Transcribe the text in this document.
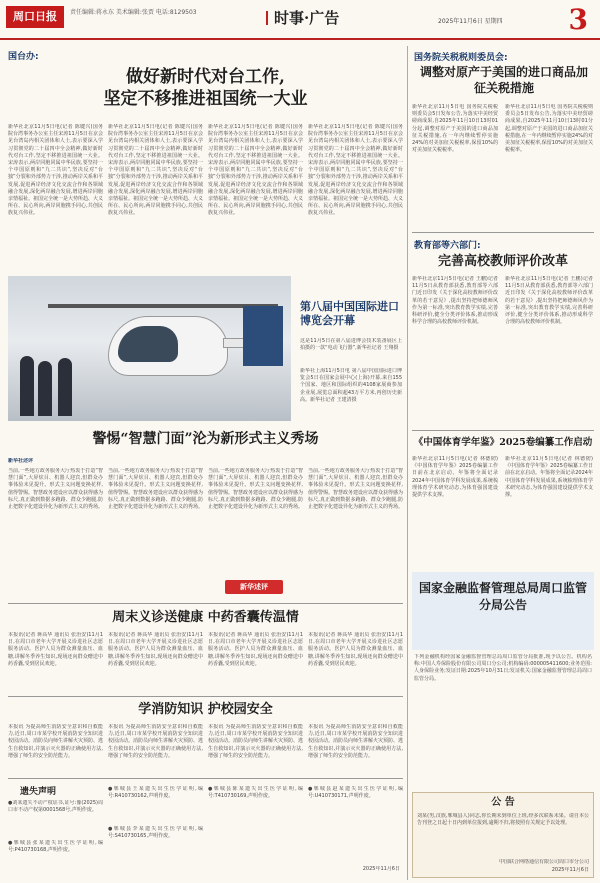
周口日报	责任编辑:蒋永东 美术编辑:张贾 电话:8129503	时事·广告	2025年11月6日 星期四 3
国台办:
做好新时代对台工作,
坚定不移推进祖国统一大业
新华社北京11月5日电(记者 陈键兴)国务院台湾事务办公室主任宋涛11月5日在京会见台湾岛内相关团体和人士,表示要深入学习贯彻党的二十届四中全会精神,做好新时代对台工作,坚定不移推进祖国统一大业。宋涛表示,两岸同胞同属中华民族,要坚持一个中国原则和“九二共识”,坚决反对“台独”分裂和外部势力干涉,推动两岸关系和平发展,促进两岸经济文化交流合作和各领域融合发展,深化两岸融合发展,增进两岸同胞亲情福祉。祖国完全统一是大势所趋、大义所在、民心所向,两岸同胞携手同心,共创民族复兴伟业。
新华社北京11月5日电(记者 陈键兴)国务院台湾事务办公室主任宋涛11月5日在京会见台湾岛内相关团体和人士,表示要深入学习贯彻党的二十届四中全会精神,做好新时代对台工作,坚定不移推进祖国统一大业。宋涛表示,两岸同胞同属中华民族,要坚持一个中国原则和“九二共识”,坚决反对“台独”分裂和外部势力干涉,推动两岸关系和平发展,促进两岸经济文化交流合作和各领域融合发展,深化两岸融合发展,增进两岸同胞亲情福祉。祖国完全统一是大势所趋、大义所在、民心所向,两岸同胞携手同心,共创民族复兴伟业。
新华社北京11月5日电(记者 陈键兴)国务院台湾事务办公室主任宋涛11月5日在京会见台湾岛内相关团体和人士,表示要深入学习贯彻党的二十届四中全会精神,做好新时代对台工作,坚定不移推进祖国统一大业。宋涛表示,两岸同胞同属中华民族,要坚持一个中国原则和“九二共识”,坚决反对“台独”分裂和外部势力干涉,推动两岸关系和平发展,促进两岸经济文化交流合作和各领域融合发展,深化两岸融合发展,增进两岸同胞亲情福祉。祖国完全统一是大势所趋、大义所在、民心所向,两岸同胞携手同心,共创民族复兴伟业。
新华社北京11月5日电(记者 陈键兴)国务院台湾事务办公室主任宋涛11月5日在京会见台湾岛内相关团体和人士,表示要深入学习贯彻党的二十届四中全会精神,做好新时代对台工作,坚定不移推进祖国统一大业。宋涛表示,两岸同胞同属中华民族,要坚持一个中国原则和“九二共识”,坚决反对“台独”分裂和外部势力干涉,推动两岸关系和平发展,促进两岸经济文化交流合作和各领域融合发展,深化两岸融合发展,增进两岸同胞亲情福祉。祖国完全统一是大势所趋、大义所在、民心所向,两岸同胞携手同心,共创民族复兴伟业。
第八届中国国际进口博览会开幕
这是11月5日在第八届进博会技术装备展区上拍摄的一款“电动飞行器”,新华社记者 王翔摄
新华社上海11月5日电 第八届中国国际进口博览会5日在国家会展中心(上海)开幕,来自155个国家、地区和国际组织的4108家展商参加企业展,展览总面积超43万平方米,再创历史新高。新华社记者 王建清摄
警惕“智慧门面”沦为新形式主义秀场
新华社述评
当前,一些地方政务服务大厅热衷于打造“智慧门面”,大屏炫目、机器人迎宾,但群众办事体验未见提升。形式主义问题变换花样,值得警惕。智慧政务建设应以群众获得感为标尺,真正做到数据多跑路、群众少跑腿,防止把数字化建设异化为新形式主义的秀场。
当前,一些地方政务服务大厅热衷于打造“智慧门面”,大屏炫目、机器人迎宾,但群众办事体验未见提升。形式主义问题变换花样,值得警惕。智慧政务建设应以群众获得感为标尺,真正做到数据多跑路、群众少跑腿,防止把数字化建设异化为新形式主义的秀场。
当前,一些地方政务服务大厅热衷于打造“智慧门面”,大屏炫目、机器人迎宾,但群众办事体验未见提升。形式主义问题变换花样,值得警惕。智慧政务建设应以群众获得感为标尺,真正做到数据多跑路、群众少跑腿,防止把数字化建设异化为新形式主义的秀场。
当前,一些地方政务服务大厅热衷于打造“智慧门面”,大屏炫目、机器人迎宾,但群众办事体验未见提升。形式主义问题变换花样,值得警惕。智慧政务建设应以群众获得感为标尺,真正做到数据多跑路、群众少跑腿,防止把数字化建设异化为新形式主义的秀场。
新华述评
周末义诊送健康 中药香囊传温情
本报讯(记者 蒋高华 通讯员 张治安)11月1日,在周口市老年大学开展义诊进社区志愿服务活动。医护人员为群众测量血压、血糖,讲解冬季养生知识,现场还向群众赠送中药香囊,受到居民欢迎。
本报讯(记者 蒋高华 通讯员 张治安)11月1日,在周口市老年大学开展义诊进社区志愿服务活动。医护人员为群众测量血压、血糖,讲解冬季养生知识,现场还向群众赠送中药香囊,受到居民欢迎。
本报讯(记者 蒋高华 通讯员 张治安)11月1日,在周口市老年大学开展义诊进社区志愿服务活动。医护人员为群众测量血压、血糖,讲解冬季养生知识,现场还向群众赠送中药香囊,受到居民欢迎。
本报讯(记者 蒋高华 通讯员 张治安)11月1日,在周口市老年大学开展义诊进社区志愿服务活动。医护人员为群众测量血压、血糖,讲解冬季养生知识,现场还向群众赠送中药香囊,受到居民欢迎。
学消防知识 护校园安全
本报讯 为提高师生消防安全意识和自救能力,近日,周口市某学校开展消防安全知识进校园活动。消防员向师生讲解火灾预防、逃生自救知识,并演示灭火器的正确使用方法,增强了师生的安全防范能力。
本报讯 为提高师生消防安全意识和自救能力,近日,周口市某学校开展消防安全知识进校园活动。消防员向师生讲解火灾预防、逃生自救知识,并演示灭火器的正确使用方法,增强了师生的安全防范能力。
本报讯 为提高师生消防安全意识和自救能力,近日,周口市某学校开展消防安全知识进校园活动。消防员向师生讲解火灾预防、逃生自救知识,并演示灭火器的正确使用方法,增强了师生的安全防范能力。
本报讯 为提高师生消防安全意识和自救能力,近日,周口市某学校开展消防安全知识进校园活动。消防员向师生讲解火灾预防、逃生自救知识,并演示灭火器的正确使用方法,增强了师生的安全防范能力。
遗失声明
●刘某遗失不动产权证书,证号:豫(2025)周口市不动产权第0001568号,声明作废。
●郸城县张某遗失出生医学证明,编号:P410730168,声明作废。
●郸城县王某遗失出生医学证明,编号:R410730162,声明作废。
●郸城县李某遗失出生医学证明,编号:S410730165,声明作废。
●郸城县陈某遗失出生医学证明,编号:T410730169,声明作废。
●郸城县赵某遗失出生医学证明,编号:U410730171,声明作废。
2025年11月6日
国务院关税税则委员会:
调整对原产于美国的进口商品加征关税措施
新华社北京11月5日电 国务院关税税则委员会5日发布公告,为落实中美经贸磋商成果,自2025年11月10日13时01分起,调整对原产于美国的进口商品加征关税措施,在一年内继续暂停实施24%的对美加征关税税率,保留10%的对美加征关税税率。
新华社北京11月5日电 国务院关税税则委员会5日发布公告,为落实中美经贸磋商成果,自2025年11月10日13时01分起,调整对原产于美国的进口商品加征关税措施,在一年内继续暂停实施24%的对美加征关税税率,保留10%的对美加征关税税率。
教育部等六部门:
完善高校教师评价改革
新华社北京11月5日电(记者 王鹏)记者11月5日从教育部获悉,教育部等六部门近日印发《关于深化高校教师评价改革的若干意见》,提出坚持把师德师风作为第一标准,突出教育教学实绩,完善科研评价,健全分类评价体系,推动形成科学合理的高校教师评价机制。
新华社北京11月5日电(记者 王鹏)记者11月5日从教育部获悉,教育部等六部门近日印发《关于深化高校教师评价改革的若干意见》,提出坚持把师德师风作为第一标准,突出教育教学实绩,完善科研评价,健全分类评价体系,推动形成科学合理的高校教师评价机制。
《中国体育学年鉴》2025卷编纂工作启动
新华社北京11月5日电(记者 林德韧)《中国体育学年鉴》2025卷编纂工作日前在北京启动。年鉴将全面记录2024年中国体育学科发展成果,系统梳理体育学术研究动态,为体育强国建设提供学术支撑。
新华社北京11月5日电(记者 林德韧)《中国体育学年鉴》2025卷编纂工作日前在北京启动。年鉴将全面记录2024年中国体育学科发展成果,系统梳理体育学术研究动态,为体育强国建设提供学术支撑。
国家金融监督管理总局周口监管分局公告
下列金融机构经国家金融监督管理总局周口监管分局批准,现予以公告。机构名称:中国人寿保险股份有限公司周口分公司;机构编码:000005411600;业务范围:人身保险业务;发证日期:2025年10月31日;发证机关:国家金融监督管理总局周口监管分局。
公 告
刘某(男,汉族,郸城县人)同志,你长期未到单位上班,经多次联系未果。请自本公告刊登之日起十日内到单位报到,逾期不归,将按照有关规定予以处理。
中国联合网络通信有限公司周口市分公司
2025年11月6日
